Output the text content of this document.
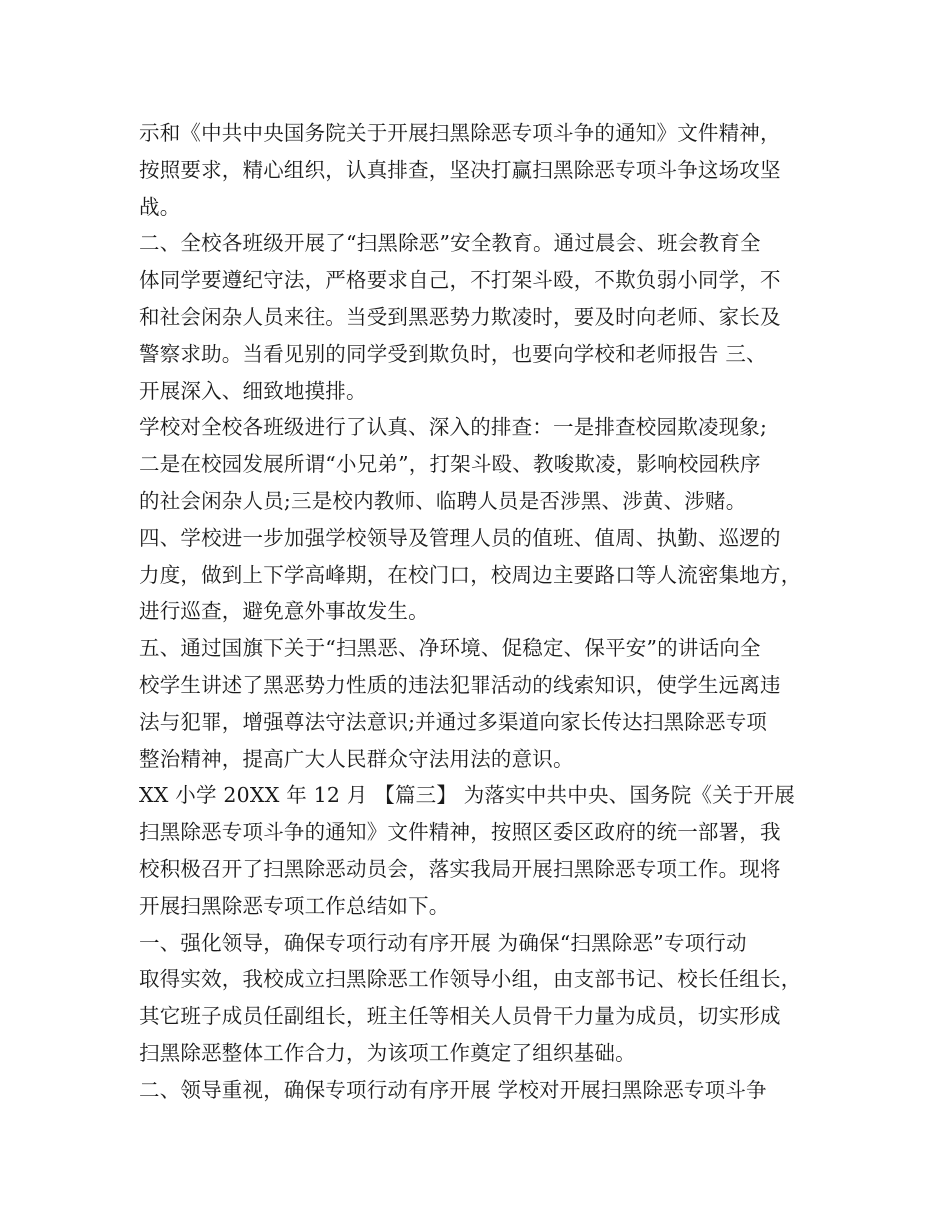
示和《中共中央国务院关于开展扫黑除恶专项斗争的通知》文件精神，
按照要求，精心组织，认真排查，坚决打赢扫黑除恶专项斗争这场攻坚
战。
二、全校各班级开展了“扫黑除恶”安全教育。通过晨会、班会教育全
体同学要遵纪守法，严格要求自己，不打架斗殴，不欺负弱小同学，不
和社会闲杂人员来往。当受到黑恶势力欺凌时，要及时向老师、家长及
警察求助。当看见别的同学受到欺负时，也要向学校和老师报告 三、
开展深入、细致地摸排。
学校对全校各班级进行了认真、深入的排查：一是排查校园欺凌现象;
二是在校园发展所谓“小兄弟”，打架斗殴、教唆欺凌，影响校园秩序
的社会闲杂人员;三是校内教师、临聘人员是否涉黑、涉黄、涉赌。
四、学校进一步加强学校领导及管理人员的值班、值周、执勤、巡逻的
力度，做到上下学高峰期，在校门口，校周边主要路口等人流密集地方，
进行巡查，避免意外事故发生。
五、通过国旗下关于“扫黑恶、净环境、促稳定、保平安”的讲话向全
校学生讲述了黑恶势力性质的违法犯罪活动的线索知识，使学生远离违
法与犯罪，增强尊法守法意识;并通过多渠道向家长传达扫黑除恶专项
整治精神，提高广大人民群众守法用法的意识。
XX 小学 20XX 年 12 月 【篇三】 为落实中共中央、国务院《关于开展
扫黑除恶专项斗争的通知》文件精神，按照区委区政府的统一部署，我
校积极召开了扫黑除恶动员会，落实我局开展扫黑除恶专项工作。现将
开展扫黑除恶专项工作总结如下。
一、强化领导，确保专项行动有序开展 为确保“扫黑除恶”专项行动
取得实效，我校成立扫黑除恶工作领导小组，由支部书记、校长任组长，
其它班子成员任副组长，班主任等相关人员骨干力量为成员，切实形成
扫黑除恶整体工作合力，为该项工作奠定了组织基础。
二、领导重视，确保专项行动有序开展 学校对开展扫黑除恶专项斗争
